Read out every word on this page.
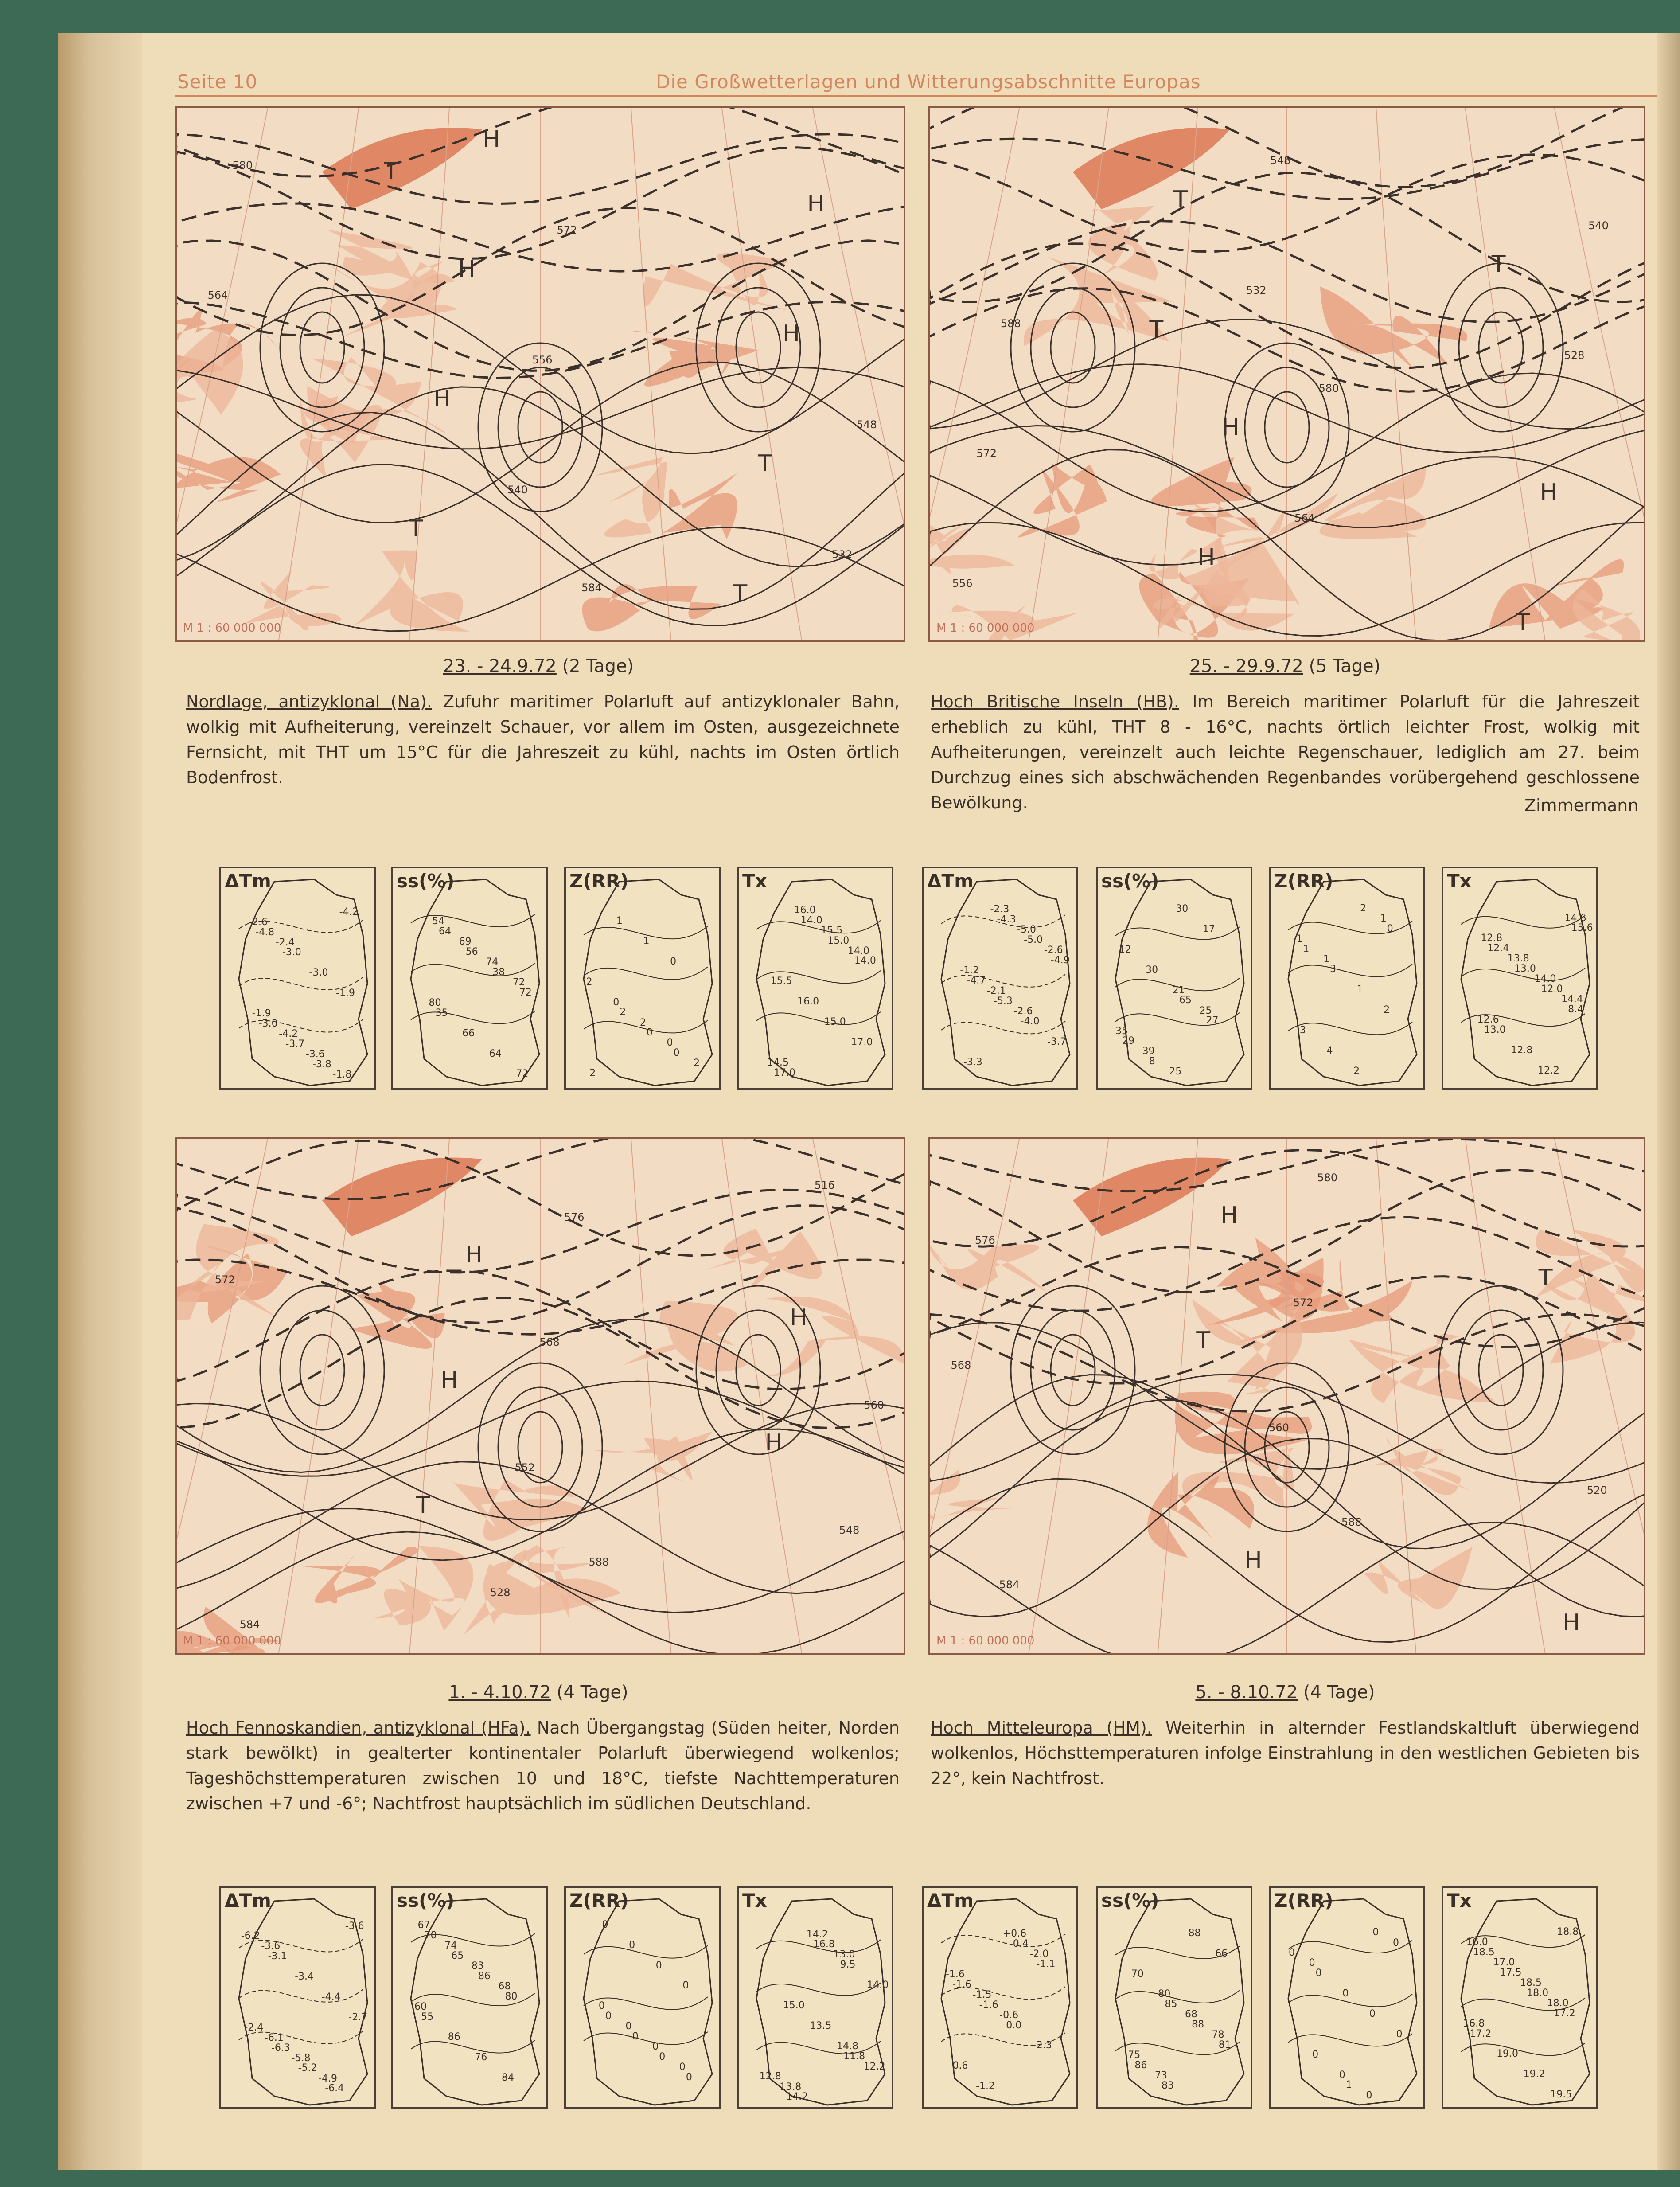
Seite 10	Die Großwetterlagen und Witterungsabschnitte Europas
T
T
T
T
H
H
H
H
H
532
540
548
556
564
572
580
584
M 1 : 60 000 000
T
T
T
T
H
H
H
528
532
540
548
556
564
572
580
588
M 1 : 60 000 000
T
H
H
H
H
516
528
548
552
560
568
572
576
584
588
M 1 : 60 000 000
T
T
H
H
H
520
560
568
572
576
580
584
588
M 1 : 60 000 000
23. - 24.9.72 (2 Tage)	25. - 29.9.72 (5 Tage)
1. - 4.10.72 (4 Tage)	5. - 8.10.72 (4 Tage)
Nordlage, antizyklonal (Na). Zufuhr maritimer Polarluft auf antizyklonaler Bahn, wolkig mit Aufheiterung, vereinzelt Schauer, vor allem im Osten, ausgezeichnete Fernsicht, mit THT um 15°C für die Jahreszeit zu kühl, nachts im Osten örtlich Bodenfrost.
Hoch Britische Inseln (HB). Im Bereich maritimer Polarluft für die Jahreszeit erheblich zu kühl, THT 8 - 16°C, nachts örtlich leichter Frost, wolkig mit Aufheiterungen, vereinzelt auch leichte Regenschauer, lediglich am 27. beim Durchzug eines sich abschwächenden Regenbandes vorübergehend geschlossene Bewölkung.	Zimmermann
Hoch Fennoskandien, antizyklonal (HFa). Nach Übergangstag (Süden heiter, Norden stark bewölkt) in gealterter kontinentaler Polarluft überwiegend wolkenlos; Tageshöchsttemperaturen zwischen 10 und 18°C, tiefste Nachttemperaturen zwischen +7 und -6°; Nachtfrost hauptsächlich im südlichen Deutschland.
Hoch Mitteleuropa (HM). Weiterhin in alternder Festlandskaltluft überwiegend wolkenlos, Höchsttemperaturen infolge Einstrahlung in den westlichen Gebieten bis 22°, kein Nachtfrost.
ΔTm
-2.4
-2.6
-1.8
-3.6
-4.2
-1.9
-1.9
-3.0
-3.0
-4.8
-4.2
-3.8
-3.7
-3.0
ss(%)
80
72
74
69
54
72
64
66
35
72
38
56
64
Z(RR)
2
0
2
0
2
0
1
1
2
0
0
2
Tx
14.0
15.5
16.0
14.5
17.0
15.0
16.0
15.5
14.0
15.0
14.0
17.0
ΔTm
-2.6
-2.1
-1.2
-2.6
-5.0
-2.3
-3.3
-3.7
-4.0
-5.3
-4.7
-4.9
-5.0
-4.3
ss(%)
25
39
35
25
21
30
12
17
30
8
29
27
65
Z(RR)
1
1
1
2
4
3
2
1
3
1
0
2
Tx
12.6
14.4
14.0
13.8
12.8
14.6
12.2
12.8
13.0
8.4
12.0
13.0
12.4
15.6
ΔTm
-3.6
-3.6
-4.9
-5.8
-6.1
-2.7
-4.4
-3.4
-3.1
-6.2
-6.4
-5.2
-6.3
-2.4
ss(%)
60
68
83
74
67
84
76
86
55
80
86
65
70
Z(RR)
0
0
0
0
0
0
0
0
0
0
0
0
Tx
13.0
14.2
13.8
12.2
14.8
13.5
15.0
14.0
9.5
16.8
14.2
12.8
11.8
ΔTm
-0.6
-1.5
-1.6
-2.0
+0.6
-1.2
-0.6
-2.3
0.0
-1.6
-1.6
-1.1
-0.4
ss(%)
73
75
78
68
80
70
66
88
83
86
81
88
85
Z(RR)
0
0
0
0
0
0
0
0
0
0
0
1
Tx
16.8
18.0
18.5
17.0
16.0
19.5
19.2
19.0
17.2
17.2
18.0
17.5
18.5
18.8
